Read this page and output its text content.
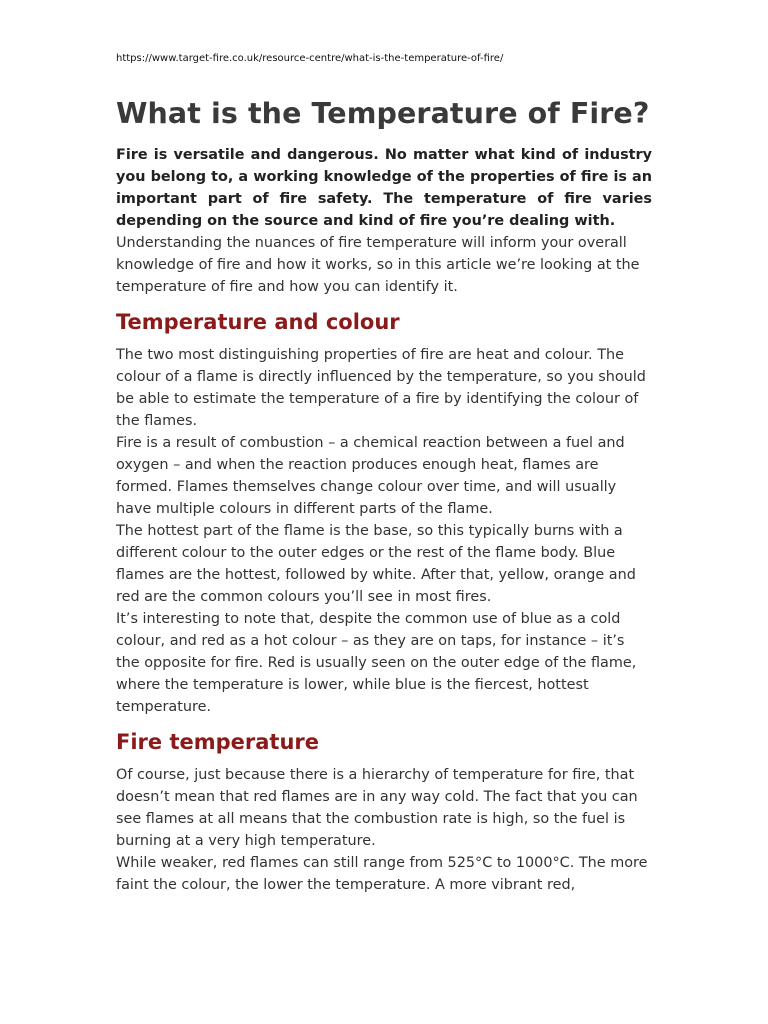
https://www.target-fire.co.uk/resource-centre/what-is-the-temperature-of-fire/
What is the Temperature of Fire?

Fire is versatile and dangerous. No matter what kind of industry you belong to, a working knowledge of the properties of fire is an important part of fire safety. The temperature of fire varies depending on the source and kind of fire you’re dealing with.

Understanding the nuances of fire temperature will inform your overall knowledge of fire and how it works, so in this article we’re looking at the temperature of fire and how you can identify it.

Temperature and colour

The two most distinguishing properties of fire are heat and colour. The colour of a flame is directly influenced by the temperature, so you should be able to estimate the temperature of a fire by identifying the colour of the flames.

Fire is a result of combustion – a chemical reaction between a fuel and oxygen – and when the reaction produces enough heat, flames are formed. Flames themselves change colour over time, and will usually have multiple colours in different parts of the flame.

The hottest part of the flame is the base, so this typically burns with a different colour to the outer edges or the rest of the flame body. Blue flames are the hottest, followed by white. After that, yellow, orange and red are the common colours you’ll see in most fires.

It’s interesting to note that, despite the common use of blue as a cold colour, and red as a hot colour – as they are on taps, for instance – it’s the opposite for fire. Red is usually seen on the outer edge of the flame, where the temperature is lower, while blue is the fiercest, hottest temperature.

Fire temperature

Of course, just because there is a hierarchy of temperature for fire, that doesn’t mean that red flames are in any way cold. The fact that you can see flames at all means that the combustion rate is high, so the fuel is burning at a very high temperature.

While weaker, red flames can still range from 525°C to 1000°C. The more faint the colour, the lower the temperature. A more vibrant red,
